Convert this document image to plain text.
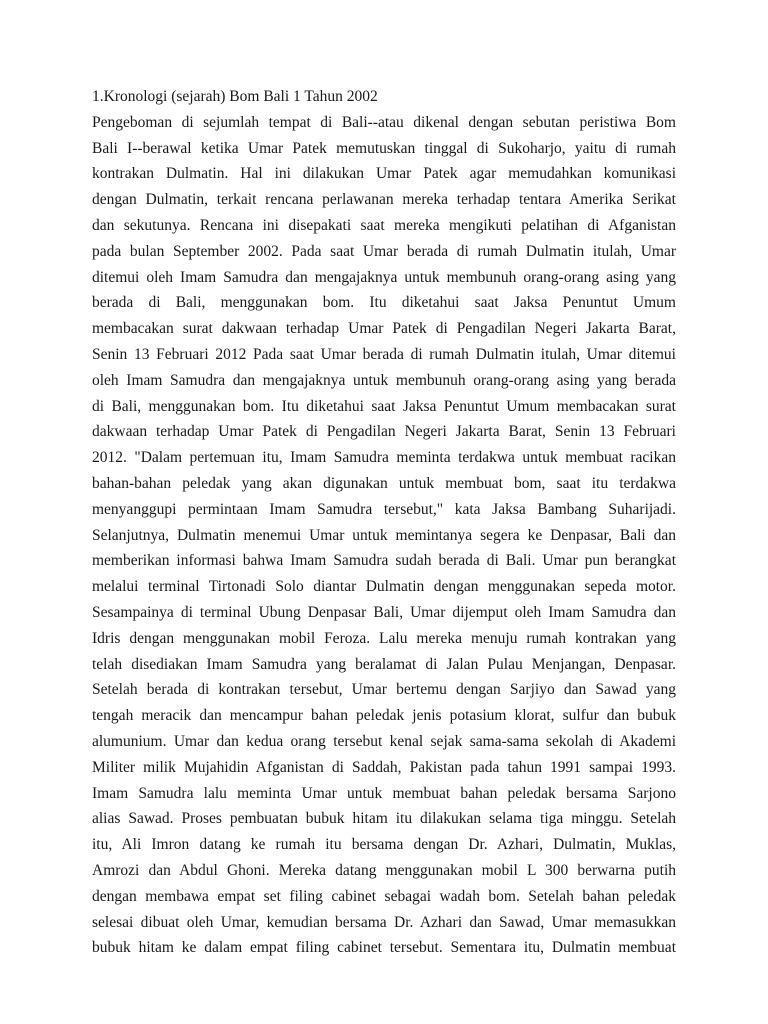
1.Kronologi (sejarah) Bom Bali 1 Tahun 2002
Pengeboman di sejumlah tempat di Bali--atau dikenal dengan sebutan peristiwa Bom
Bali I--berawal ketika Umar Patek memutuskan tinggal di Sukoharjo, yaitu di rumah
kontrakan Dulmatin. Hal ini dilakukan Umar Patek agar memudahkan komunikasi
dengan Dulmatin, terkait rencana perlawanan mereka terhadap tentara Amerika Serikat
dan sekutunya. Rencana ini disepakati saat mereka mengikuti pelatihan di Afganistan
pada bulan September 2002. Pada saat Umar berada di rumah Dulmatin itulah, Umar
ditemui oleh Imam Samudra dan mengajaknya untuk membunuh orang-orang asing yang
berada di Bali, menggunakan bom. Itu diketahui saat Jaksa Penuntut Umum
membacakan surat dakwaan terhadap Umar Patek di Pengadilan Negeri Jakarta Barat,
Senin 13 Februari 2012 Pada saat Umar berada di rumah Dulmatin itulah, Umar ditemui
oleh Imam Samudra dan mengajaknya untuk membunuh orang-orang asing yang berada
di Bali, menggunakan bom. Itu diketahui saat Jaksa Penuntut Umum membacakan surat
dakwaan terhadap Umar Patek di Pengadilan Negeri Jakarta Barat, Senin 13 Februari
2012. "Dalam pertemuan itu, Imam Samudra meminta terdakwa untuk membuat racikan
bahan-bahan peledak yang akan digunakan untuk membuat bom, saat itu terdakwa
menyanggupi permintaan Imam Samudra tersebut," kata Jaksa Bambang Suharijadi.
Selanjutnya, Dulmatin menemui Umar untuk memintanya segera ke Denpasar, Bali dan
memberikan informasi bahwa Imam Samudra sudah berada di Bali. Umar pun berangkat
melalui terminal Tirtonadi Solo diantar Dulmatin dengan menggunakan sepeda motor.
Sesampainya di terminal Ubung Denpasar Bali, Umar dijemput oleh Imam Samudra dan
Idris dengan menggunakan mobil Feroza. Lalu mereka menuju rumah kontrakan yang
telah disediakan Imam Samudra yang beralamat di Jalan Pulau Menjangan, Denpasar.
Setelah berada di kontrakan tersebut, Umar bertemu dengan Sarjiyo dan Sawad yang
tengah meracik dan mencampur bahan peledak jenis potasium klorat, sulfur dan bubuk
alumunium. Umar dan kedua orang tersebut kenal sejak sama-sama sekolah di Akademi
Militer milik Mujahidin Afganistan di Saddah, Pakistan pada tahun 1991 sampai 1993.
Imam Samudra lalu meminta Umar untuk membuat bahan peledak bersama Sarjono
alias Sawad. Proses pembuatan bubuk hitam itu dilakukan selama tiga minggu. Setelah
itu, Ali Imron datang ke rumah itu bersama dengan Dr. Azhari, Dulmatin, Muklas,
Amrozi dan Abdul Ghoni. Mereka datang menggunakan mobil L 300 berwarna putih
dengan membawa empat set filing cabinet sebagai wadah bom. Setelah bahan peledak
selesai dibuat oleh Umar, kemudian bersama Dr. Azhari dan Sawad, Umar memasukkan
bubuk hitam ke dalam empat filing cabinet tersebut. Sementara itu, Dulmatin membuat
